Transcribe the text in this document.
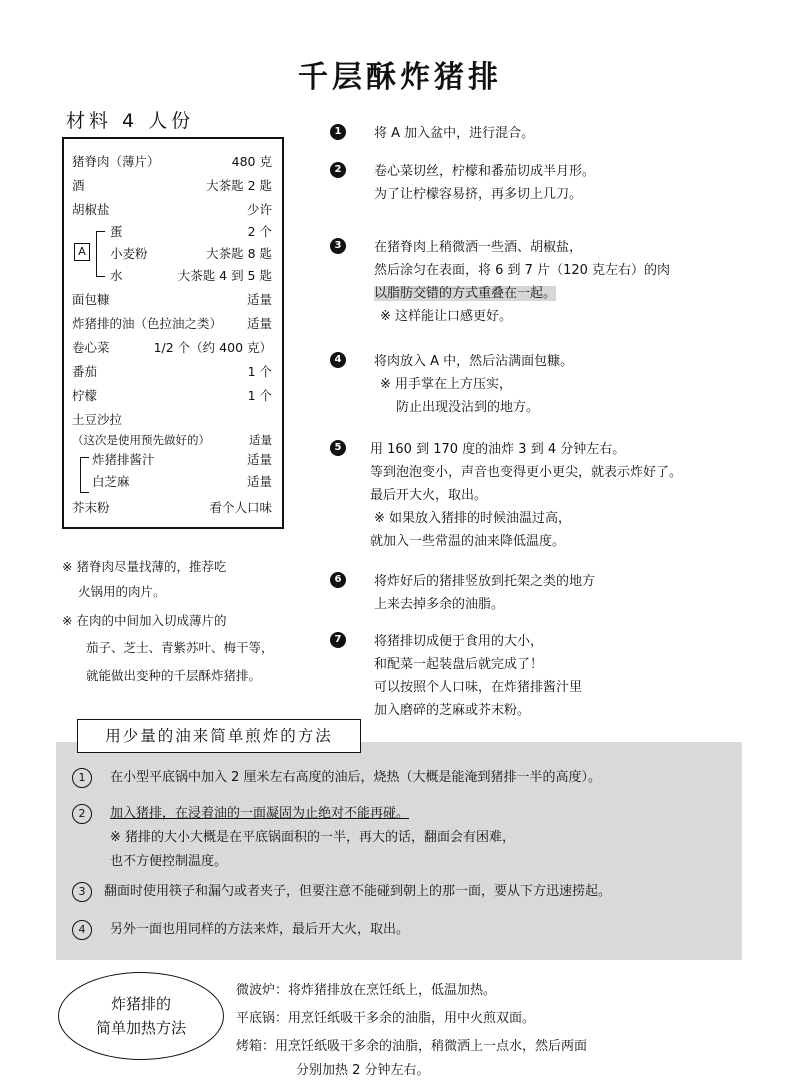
千层酥炸猪排
材料 4 人份
猪脊肉（薄片）	480 克
酒	大茶匙 2 匙
胡椒盐	少许
A
蛋	2 个
小麦粉	大茶匙 8 匙
水	大茶匙 4 到 5 匙
面包糠	适量
炸猪排的油（色拉油之类） 适量
卷心菜	1/2 个（约 400 克）
番茄	1 个
柠檬	1 个
土豆沙拉
（这次是使用预先做好的）	适量
炸猪排酱汁	适量
白芝麻	适量
芥末粉	看个人口味
※ 猪脊肉尽量找薄的，推荐吃
火锅用的肉片。
※ 在肉的中间加入切成薄片的
茄子、芝士、青紫苏叶、梅干等，
就能做出变种的千层酥炸猪排。
1	将 A 加入盆中，进行混合。
2	卷心菜切丝，柠檬和番茄切成半月形。
为了让柠檬容易挤，再多切上几刀。
3	在猪脊肉上稍微洒一些酒、胡椒盐，
然后涂匀在表面，将 6 到 7 片（120 克左右）的肉
以脂肪交错的方式重叠在一起。
※ 这样能让口感更好。
4	将肉放入 A 中，然后沾满面包糠。
※ 用手掌在上方压实，
防止出现没沾到的地方。
5	用 160 到 170 度的油炸 3 到 4 分钟左右。
等到泡泡变小，声音也变得更小更尖，就表示炸好了。
最后开大火，取出。
※ 如果放入猪排的时候油温过高，
就加入一些常温的油来降低温度。
6	将炸好后的猪排竖放到托架之类的地方
上来去掉多余的油脂。
7	将猪排切成便于食用的大小，
和配菜一起装盘后就完成了！
可以按照个人口味，在炸猪排酱汁里
加入磨碎的芝麻或芥末粉。
用少量的油来简单煎炸的方法
1	在小型平底锅中加入 2 厘米左右高度的油后，烧热（大概是能淹到猪排一半的高度）。
2	加入猪排，在浸着油的一面凝固为止绝对不能再碰。
※ 猪排的大小大概是在平底锅面积的一半，再大的话，翻面会有困难，
也不方便控制温度。
3	翻面时使用筷子和漏勺或者夹子，但要注意不能碰到朝上的那一面，要从下方迅速捞起。
4	另外一面也用同样的方法来炸，最后开大火，取出。
炸猪排的
简单加热方法
微波炉：将炸猪排放在烹饪纸上，低温加热。
平底锅：用烹饪纸吸干多余的油脂，用中火煎双面。
烤箱：用烹饪纸吸干多余的油脂，稍微洒上一点水，然后两面
分别加热 2 分钟左右。
